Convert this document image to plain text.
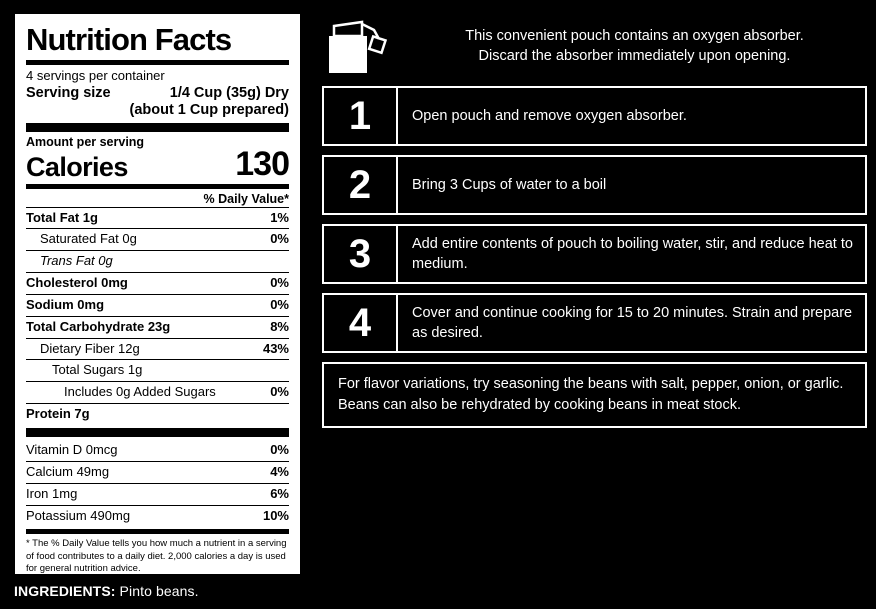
Nutrition Facts
4 servings per container
Serving size	1/4 Cup (35g) Dry
(about 1 Cup prepared)
Amount per serving
Calories	130
% Daily Value*
Total Fat 1g	1%
Saturated Fat 0g	0%
Trans Fat 0g
Cholesterol 0mg	0%
Sodium 0mg	0%
Total Carbohydrate 23g	8%
Dietary Fiber 12g	43%
Total Sugars 1g
Includes 0g Added Sugars	0%
Protein 7g
Vitamin D 0mcg	0%
Calcium 49mg	4%
Iron 1mg	6%
Potassium 490mg	10%
* The % Daily Value tells you how much a nutrient in a serving of food contributes to a daily diet. 2,000 calories a day is used for general nutrition advice.
INGREDIENTS: Pinto beans.
This convenient pouch contains an oxygen absorber.
Discard the absorber immediately upon opening.
1	Open pouch and remove oxygen absorber.
2	Bring 3 Cups of water to a boil
3	Add entire contents of pouch to boiling water, stir, and reduce heat to medium.
4	Cover and continue cooking for 15 to 20 minutes. Strain and prepare as desired.
For flavor variations, try seasoning the beans with salt, pepper, onion, or garlic. Beans can also be rehydrated by cooking beans in meat stock.
